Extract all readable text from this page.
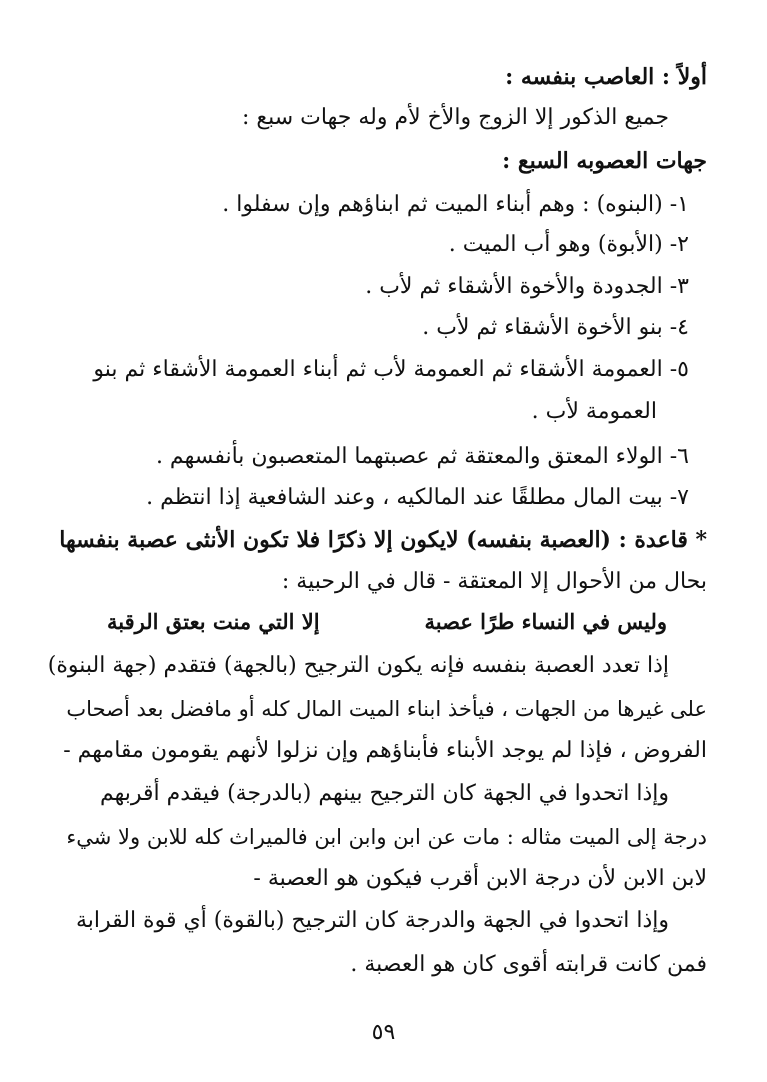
أولاً : العاصب بنفسه :
جميع الذكور إلا الزوج والأخ لأم وله جهات سبع :
جهات العصوبه السبع :
١- (البنوه) : وهم أبناء الميت ثم ابناؤهم وإن سفلوا .
٢- (الأبوة) وهو أب الميت .
٣- الجدودة والأخوة الأشقاء ثم لأب .
٤- بنو الأخوة الأشقاء ثم لأب .
٥- العمومة الأشقاء ثم العمومة لأب ثم أبناء العمومة الأشقاء ثم بنو
العمومة لأب .
٦- الولاء المعتق والمعتقة ثم عصبتهما المتعصبون بأنفسهم .
٧- بيت المال مطلقًا عند المالكيه ، وعند الشافعية إذا انتظم .
* قاعدة : (العصبة بنفسه) لايكون إلا ذكرًا فلا تكون الأنثى عصبة بنفسها
بحال من الأحوال إلا المعتقة - قال في الرحبية :
وليس في النساء طرًا عصبة
إلا التي منت بعتق الرقبة
إذا تعدد العصبة بنفسه فإنه يكون الترجيح (بالجهة) فتقدم (جهة البنوة)
على غيرها من الجهات ، فيأخذ ابناء الميت المال كله أو مافضل بعد أصحاب
الفروض ، فإذا لم يوجد الأبناء فأبناؤهم وإن نزلوا لأنهم يقومون مقامهم -
وإذا اتحدوا في الجهة كان الترجيح بينهم (بالدرجة) فيقدم أقربهم
درجة إلى الميت مثاله : مات عن ابن وابن ابن فالميراث كله للابن ولا شيء
لابن الابن لأن درجة الابن أقرب فيكون هو العصبة -
وإذا اتحدوا في الجهة والدرجة كان الترجيح (بالقوة) أي قوة القرابة
فمن كانت قرابته أقوى كان هو العصبة .
٥٩
